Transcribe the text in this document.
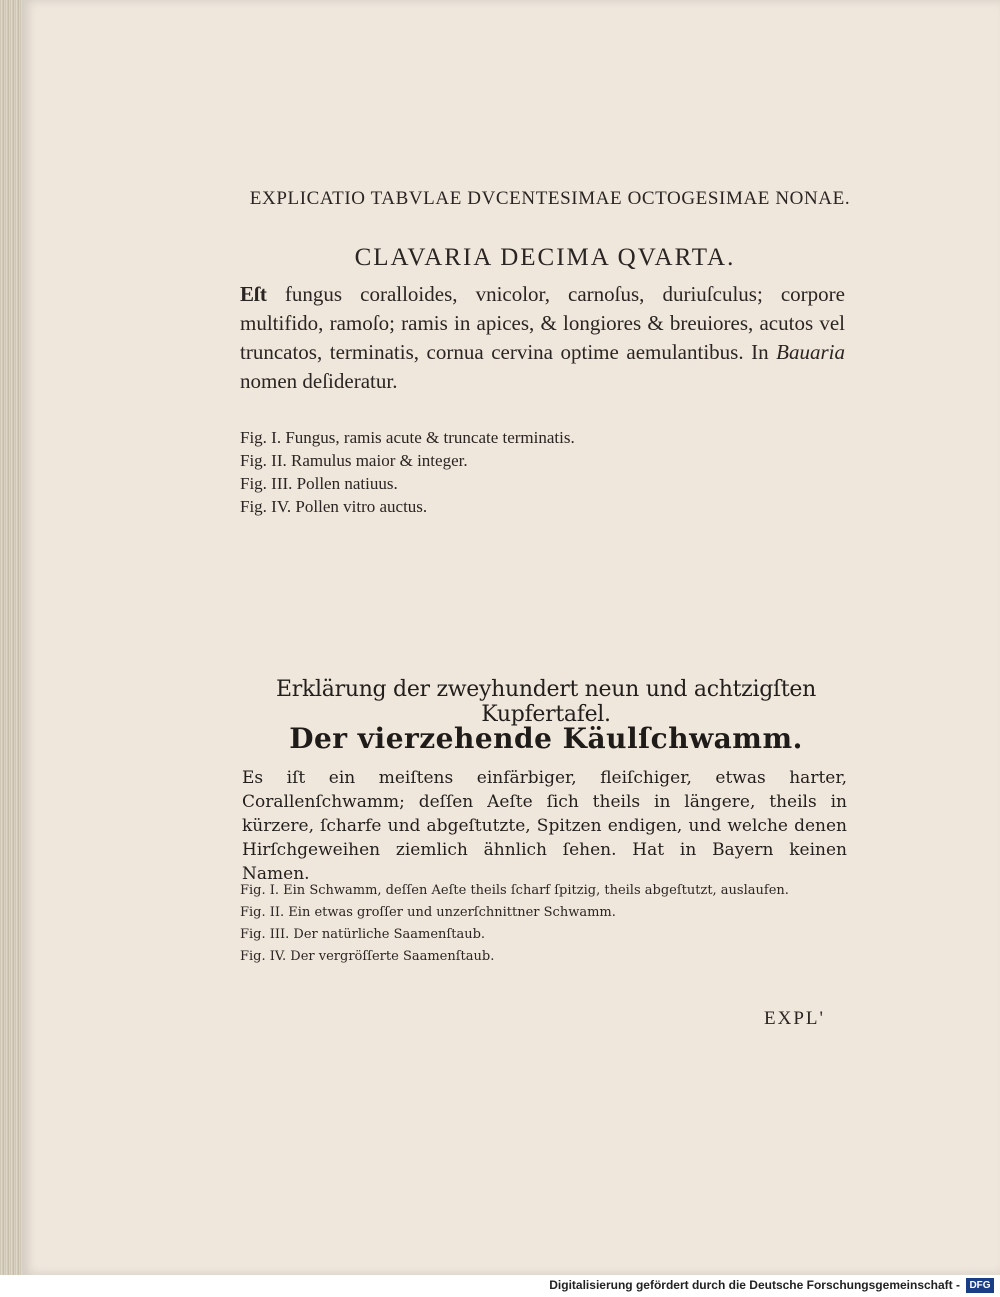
EXPLICATIO TABVLAE DVCENTESIMAE OCTOGESIMAE NONAE.
CLAVARIA DECIMA QVARTA.
Eſt fungus coralloides, vnicolor, carnoſus, duriuſculus; corpore multifido, ramoſo; ramis in apices, & longiores & breuiores, acutos vel truncatos, terminatis, cornua cervina optime aemulantibus. In Bauaria nomen deſideratur.
Fig. I. Fungus, ramis acute & truncate terminatis.
Fig. II. Ramulus maior & integer.
Fig. III. Pollen natiuus.
Fig. IV. Pollen vitro auctus.
Erklärung der zweyhundert neun und achtzigſten Kupfertafel.
Der vierzehende Käulſchwamm.
Es iſt ein meiſtens einfärbiger, fleiſchiger, etwas harter, Corallenſchwamm; deſſen Aeſte ſich theils in längere, theils in kürzere, ſcharfe und abgeſtutzte, Spitzen endigen, und welche denen Hirſchgeweihen ziemlich ähnlich ſehen. Hat in Bayern keinen Namen.
Fig. I. Ein Schwamm, deſſen Aeſte theils ſcharf ſpitzig, theils abgeſtutzt, auslaufen.
Fig. II. Ein etwas groſſer und unzerſchnittner Schwamm.
Fig. III. Der natürliche Saamenſtaub.
Fig. IV. Der vergröſſerte Saamenſtaub.
EXPL'
Digitalisierung gefördert durch die Deutsche Forschungsgemeinschaft - DFG
